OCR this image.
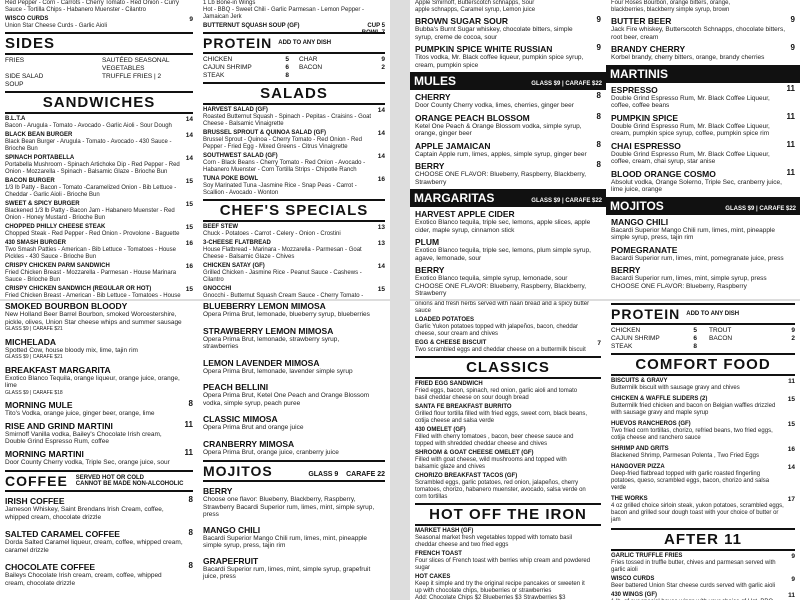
Red Pepper - Corn - Carrots - Cherry Tomato - Red Onion - Curry
Sauce - Tortilla Chips - Habanero Muenster - Cilantro
WISCO CURDS	9
Union Star Cheese Curds - Garlic Aioli
SIDES
FRIES	SAUTÉED SEASONAL VEGETABLES
SIDE SALAD	TRUFFLE FRIES | 2
SOUP
SANDWICHES
B.L.T.A	14
Bacon - Arugula - Tomato - Avocado - Garlic Aioli - Sour Dough
BLACK BEAN BURGER	14
Black Bean Burger - Arugula - Tomato - Avocado - 430 Sauce - Brioche Bun
SPINACH PORTABELLA	14
Portabella Mushroom - Spinach Artichoke Dip - Red Pepper - Red Onion - Mozzarella - Spinach - Balsamic Glaze - Brioche Bun
BACON BURGER	15
1/3 lb Patty - Bacon - Tomato -Caramelized Onion - Bib Lettuce - Cheddar - Garlic Aioli - Brioche Bun
SWEET & SPICY BURGER	15
Blackened 1/3 lb Patty - Bacon Jam - Habanero Muenster - Red Onion - Honey Mustard - Brioche Bun
CHOPPED PHILLY CHEESE STEAK	15
Chopped Steak - Red Pepper - Red Onion - Provolone - Baguette
430 SMASH BURGER	16
Two Smash Patties - American - Bib Lettuce - Tomatoes - House Pickles - 430 Sauce - Brioche Bun
CRISPY CHICKEN PARM SANDWICH	16
Fried Chicken Breast - Mozzarella - Parmesan - House Marinara Sauce - Brioche Bun
CRISPY CHICKEN SANDWICH (REGULAR OR HOT)	15
Fried Chicken Breast - American - Bib Lettuce - Tomatoes - House
1 Lb Bone-in Wings
Hot - BBQ - Sweet Chili - Garlic Parmesan - Lemon Pepper - Jamaican Jerk
BUTTERNUT SQUASH SOUP (GF)	CUP 5
BOWL 7
PROTEIN ADD TO ANY DISH
CHICKEN	5 CHAR	9
CAJUN SHRIMP	6 BACON	2
STEAK	8
SALADS
HARVEST SALAD (GF)	14
Roasted Butternut Squash - Spinach - Pepitas - Craisins - Goat Cheese - Balsamic Vinaigrette
BRUSSEL SPROUT & QUINOA SALAD (GF)	14
Brussel Sprout - Quinoa - Cherry Tomato - Red Onion - Red Pepper - Fried Egg - Mixed Greens - Citrus Vinaigrette
SOUTHWEST SALAD (GF)	14
Corn - Black Beans - Cherry Tomato - Red Onion - Avocado - Habanero Muenster - Corn Tortilla Strips - Chipotle Ranch
TUNA POKE BOWL	16
Soy Marinated Tuna -Jasmine Rice - Snap Peas - Carrot - Scallion - Avocado - Wonton
CHEF'S SPECIALS
BEEF STEW	13
Chuck - Potatoes - Carrot - Celery - Onion - Crostini
3-CHEESE FLATBREAD	13
House Flatbread - Marinara - Mozzarella - Parmesan - Goat Cheese - Balsamic Glaze - Chives
CHICKEN SATAY (GF)	14
Grilled Chicken - Jasmine Rice - Peanut Sauce - Cashews - Cilantro
GNOCCHI	15
Gnocchi - Butternut Squash Cream Sauce - Cherry Tomato -
Apple Smirnoff, Butterscotch schnapps, Sour
apple schnapps, Caramel syrup, Lemon juice
BROWN SUGAR SOUR	9
Bubba's Burnt Sugar whiskey, chocolate bitters, simple syrup, creme de cocoa, sour
PUMPKIN SPICE WHITE RUSSIAN	9
Titos vodka, Mr. Black coffee liqueur, pumpkin spice syrup, cream, pumpkin spice
MULES	GLASS $9 | CARAFE $22
CHERRY	8
Door County Cherry vodka, limes, cherries, ginger beer
ORANGE PEACH BLOSSOM	8
Ketel One Peach & Orange Blossom vodka, simple syrup, orange, ginger beer
APPLE JAMAICAN	8
Captain Apple rum, limes, apples, simple syrup, ginger beer
BERRY	8
CHOOSE ONE FLAVOR: Blueberry, Raspberry, Blackberry, Strawberry
MARGARITAS	GLASS $9 | CARAFE $22
HARVEST APPLE CIDER
Exotico Blanco tequila, triple sec, lemons, apple slices, apple cider, maple syrup, cinnamon stick
PLUM
Exotico Blanco tequila, triple sec, lemons, plum simple syrup, agave, lemonade, sour
BERRY
Exotico Blanco tequila, simple syrup, lemonade, sour CHOOSE ONE FLAVOR: Blueberry, Raspberry, Blackberry, Strawberry
Four Roses Bourbon, orange bitters, orange,
blackberries, blackberry simple syrup, brown
BUTTER BEER	9
Jack Fire whiskey, Butterscotch Schnapps, chocolate bitters, root beer, cream
BRANDY CHERRY	9
Korbel brandy, cherry bitters, orange, brandy cherries
MARTINIS
ESPRESSO	11
Double Grind Espresso Rum, Mr. Black Coffee Liqueur, coffee, coffee beans
PUMPKIN SPICE	11
Double Grind Espresso Rum, Mr. Black Coffee Liqueur, cream, pumpkin spice syrup, coffee, pumpkin spice rim
CHAI ESPRESSO	11
Double Grind Espresso Rum, Mr. Black Coffee Liqueur, coffee, cream, chai syrup, star anise
BLOOD ORANGE COSMO	11
Absolut vodka, Orange Solerno, Triple Sec, cranberry juice, lime juice, orange
MOJITOS	GLASS $9 | CARAFE $22
MANGO CHILI
Bacardi Superior Mango Chili rum, limes, mint, pineapple simple syrup, press, tajin rim
POMEGRANATE
Bacardi Superior rum, limes, mint, pomegranate juice, press
BERRY
Bacardi Superior rum, limes, mint, simple syrup, press CHOOSE ONE FLAVOR: Blueberry, Raspberry
SMOKED BOURBON BLOODY
New Holland Beer Barrel Bourbon, smoked Worcestershire, pickle, olives, Union Star cheese whips and summer sausage
GLASS $9 | CARAFE $21
MICHELADA
Spotted Cow, house bloody mix, lime, tajin rim
GLASS $9 | CARAFE $21
BREAKFAST MARGARITA
Exotico Blanco Tequila, orange liqueur, orange juice, orange, lime
GLASS $9 | CARAFE $18
MORNING MULE	8
Tito's Vodka, orange juice, ginger beer, orange, lime
RISE AND GRIND MARTINI	11
Smirnoff Vanilla vodka, Bailey's Chocolate Irish cream, Double Grind Espresso Rum, coffee
MORNING MARTINI	11
Door County Cherry vodka, Triple Sec, orange juice, sour
COFFEE SERVED HOT OR COLD
CANNOT BE MADE NON-ALCOHOLIC
IRISH COFFEE	8
Jameson Whiskey, Saint Brendans Irish Cream, coffee, whipped cream, chocolate drizzle
SALTED CARAMEL COFFEE	8
Dorda Salted Caramel liqueur, cream, coffee, whipped cream, caramel drizzle
CHOCOLATE COFFEE	8
Baileys Chocolate Irish cream, cream, coffee, whipped cream, chocolate drizzle
BLUEBERRY LEMON MIMOSA
Opera Prima Brut, lemonade, blueberry syrup, blueberries
STRAWBERRY LEMON MIMOSA
Opera Prima Brut, lemonade, strawberry syrup, strawberries
LEMON LAVENDER MIMOSA
Opera Prima Brut, lemonade, lavender simple syrup
PEACH BELLINI
Opera Prima Brut, Ketel One Peach and Orange Blossom vodka, simple syrup, peach puree
CLASSIC MIMOSA
Opera Prima Brut and orange juice
CRANBERRY MIMOSA
Opera Prima Brut, orange juice, cranberry juice
MOJITOS	GLASS 9 CARAFE 22
BERRY
Choose one flavor: Blueberry, Blackberry, Raspberry, Strawberry Bacardi Superior rum, limes, mint, simple syrup, press
MANGO CHILI
Bacardi Superior Mango Chili rum, limes, mint, pineapple simple syrup, press, tajin rim
GRAPEFRUIT
Bacardi Superior rum, limes, mint, simple syrup, grapefruit juice, press
onions and fresh herbs served with naan bread and a spicy butter sauce
LOADED POTATOES
Garlic Yukon potatoes topped with jalapeños, bacon, cheddar cheese, sour cream and chives
EGG & CHEESE BISCUIT	7
Two scrambled eggs and cheddar cheese on a buttermilk biscuit
CLASSICS
FRIED EGG SANDWICH
Fried eggs, bacon, spinach, red onion, garlic aioli and tomato basil cheddar cheese on sour dough bread
SANTA FE BREAKFAST BURRITO
Grilled flour tortilla filled with fried eggs, sweet corn, black beans, cotija cheese and salsa verde
430 OMELET (GF)
Filled with cherry tomatoes , bacon, beer cheese sauce and topped with shredded cheddar cheese and chives
SHROOM & GOAT CHEESE OMELET (GF)
Filled with goat cheese, wild mushrooms and topped with balsamic glaze and chives
CHORIZO BREAKFAST TACOS (GF)
Scrambled eggs, garlic potatoes, red onion, jalapeños, cherry tomatoes, chorizo, habanero muenster, avocado, salsa verde on corn tortillas
HOT OFF THE IRON
MARKET HASH (GF)
Seasonal market fresh vegetables topped with tomato basil cheddar cheese and two fried eggs
FRENCH TOAST
Four slices of French toast with berries whip cream and powdered sugar
HOT CAKES
Keep it simple and try the original recipe pancakes or sweeten it up with chocolate chips, blueberries or strawberries
Add: Chocolate Chips $2 Blueberries $3 Strawberries $3
PROTEIN ADD TO ANY DISH
CHICKEN	5 TROUT	9
CAJUN SHRIMP	6 BACON	2
STEAK	8
COMFORT FOOD
BISCUITS & GRAVY	11
Buttermilk biscuit with sausage gravy and chives
CHICKEN & WAFFLE SLIDERS (2)	15
Buttermilk fried chicken and bacon on Belgian waffles drizzled with sausage gravy and maple syrup
HUEVOS RANCHEROS (GF)	15
Two fried corn tortillas, chorizo, refried beans, two fried eggs, cotija cheese and ranchero sauce
SHRIMP AND GRITS	16
Blackened Shrimp, Parmesan Polenta , Two Fried Eggs
HANGOVER PIZZA	14
Deep-fried flatbread topped with garlic roasted fingerling potatoes, queso, scrambled eggs, bacon, chorizo and salsa verde
THE WORKS	17
4 oz grilled choice sirloin steak, yukon potatoes, scrambled eggs, bacon and grilled sour dough toast with your choice of butter or jam
AFTER 11
GARLIC TRUFFLE FRIES	9
Fries tossed in truffle butter, chives and parmesan served with garlic aioli
WISCO CURDS	9
Beer battered Union Star cheese curds served with garlic aioli
430 WINGS (GF)	11
